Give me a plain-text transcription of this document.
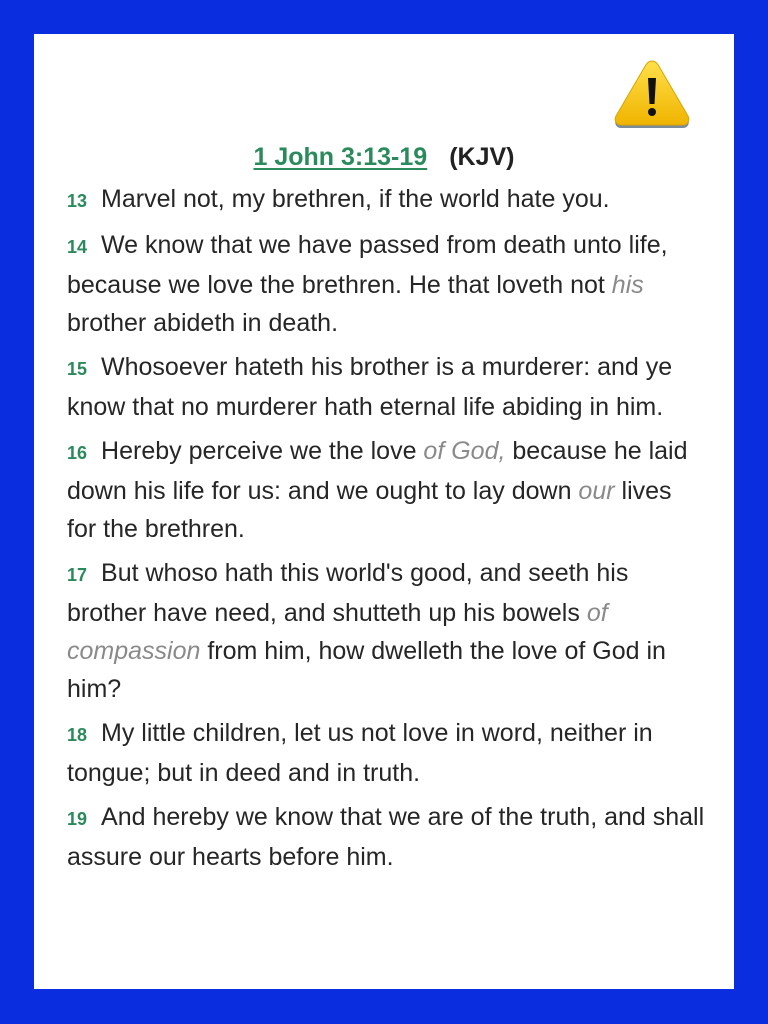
1 John 3:13-19 (KJV)

13 Marvel not, my brethren, if the world hate you.

14 We know that we have passed from death unto life, because we love the brethren. He that loveth not his brother abideth in death.

15 Whosoever hateth his brother is a murderer: and ye know that no murderer hath eternal life abiding in him.

16 Hereby perceive we the love of God, because he laid down his life for us: and we ought to lay down our lives for the brethren.

17 But whoso hath this world's good, and seeth his brother have need, and shutteth up his bowels of compassion from him, how dwelleth the love of God in him?

18 My little children, let us not love in word, neither in tongue; but in deed and in truth.

19 And hereby we know that we are of the truth, and shall assure our hearts before him.
